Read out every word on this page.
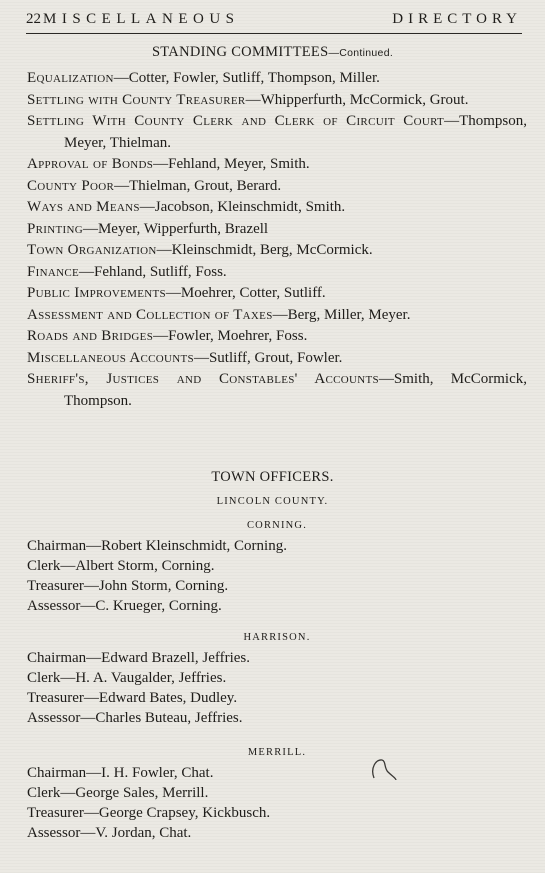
22 MISCELLANEOUS	DIRECTORY
STANDING COMMITTEES—Continued.

Equalization—Cotter, Fowler, Sutliff, Thompson, Miller.

Settling with County Treasurer—Whipperfurth, McCormick, Grout.

Settling With County Clerk and Clerk of Circuit Court—Thompson, Meyer, Thielman.

Approval of Bonds—Fehland, Meyer, Smith.

County Poor—Thielman, Grout, Berard.

Ways and Means—Jacobson, Kleinschmidt, Smith.

Printing—Meyer, Wipperfurth, Brazell

Town Organization—Kleinschmidt, Berg, McCormick.

Finance—Fehland, Sutliff, Foss.

Public Improvements—Moehrer, Cotter, Sutliff.

Assessment and Collection of Taxes—Berg, Miller, Meyer.

Roads and Bridges—Fowler, Moehrer, Foss.

Miscellaneous Accounts—Sutliff, Grout, Fowler.

Sheriff's, Justices and Constables' Accounts—Smith, McCormick, Thompson.

TOWN OFFICERS.
LINCOLN COUNTY.

CORNING.

Chairman—Robert Kleinschmidt, Corning.

Clerk—Albert Storm, Corning.

Treasurer—John Storm, Corning.

Assessor—C. Krueger, Corning.

HARRISON.

Chairman—Edward Brazell, Jeffries.

Clerk—H. A. Vaugalder, Jeffries.

Treasurer—Edward Bates, Dudley.

Assessor—Charles Buteau, Jeffries.

MERRILL.

Chairman—I. H. Fowler, Chat.

Clerk—George Sales, Merrill.

Treasurer—George Crapsey, Kickbusch.

Assessor—V. Jordan, Chat.
